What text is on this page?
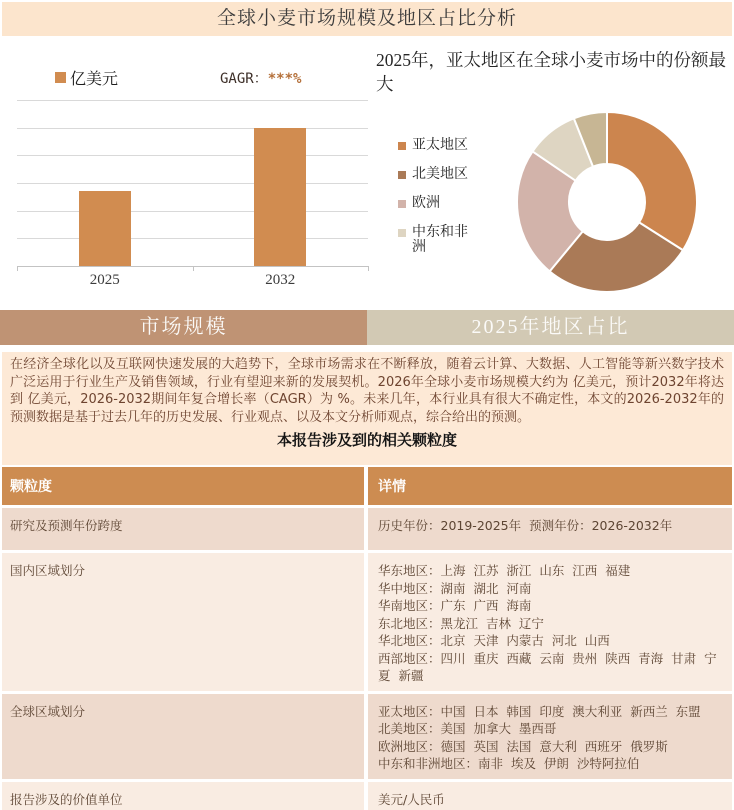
全球小麦市场规模及地区占比分析
亿美元	GAGR：***%
2025	2032
2025年，亚太地区在全球小麦市场中的份额最大
亚太地区
北美地区
欧洲
中东和非洲
市场规模	2025年地区占比
在经济全球化以及互联网快速发展的大趋势下，全球市场需求在不断释放，随着云计算、大数据、人工智能等新兴数字技术广泛运用于行业生产及销售领域，行业有望迎来新的发展契机。2026年全球小麦市场规模大约为 亿美元，预计2032年将达到 亿美元，2026-2032期间年复合增长率（CAGR）为 %。未来几年，本行业具有很大不确定性，本文的2026-2032年的预测数据是基于过去几年的历史发展、行业观点、以及本文分析师观点，综合给出的预测。
本报告涉及到的相关颗粒度
颗粒度	详情
研究及预测年份跨度	历史年份：2019-2025年  预测年份：2026-2032年
国内区域划分	华东地区：上海  江苏  浙江  山东  江西  福建
华中地区：湖南  湖北  河南
华南地区：广东  广西  海南
东北地区：黑龙江  吉林  辽宁
华北地区：北京  天津  内蒙古  河北  山西
西部地区：四川  重庆  西藏  云南  贵州  陕西  青海  甘肃  宁夏  新疆
全球区域划分	亚太地区：中国  日本  韩国  印度  澳大利亚  新西兰  东盟
北美地区：美国  加拿大  墨西哥
欧洲地区：德国  英国  法国  意大利  西班牙  俄罗斯
中东和非洲地区：南非  埃及  伊朗  沙特阿拉伯
报告涉及的价值单位	美元/人民币
